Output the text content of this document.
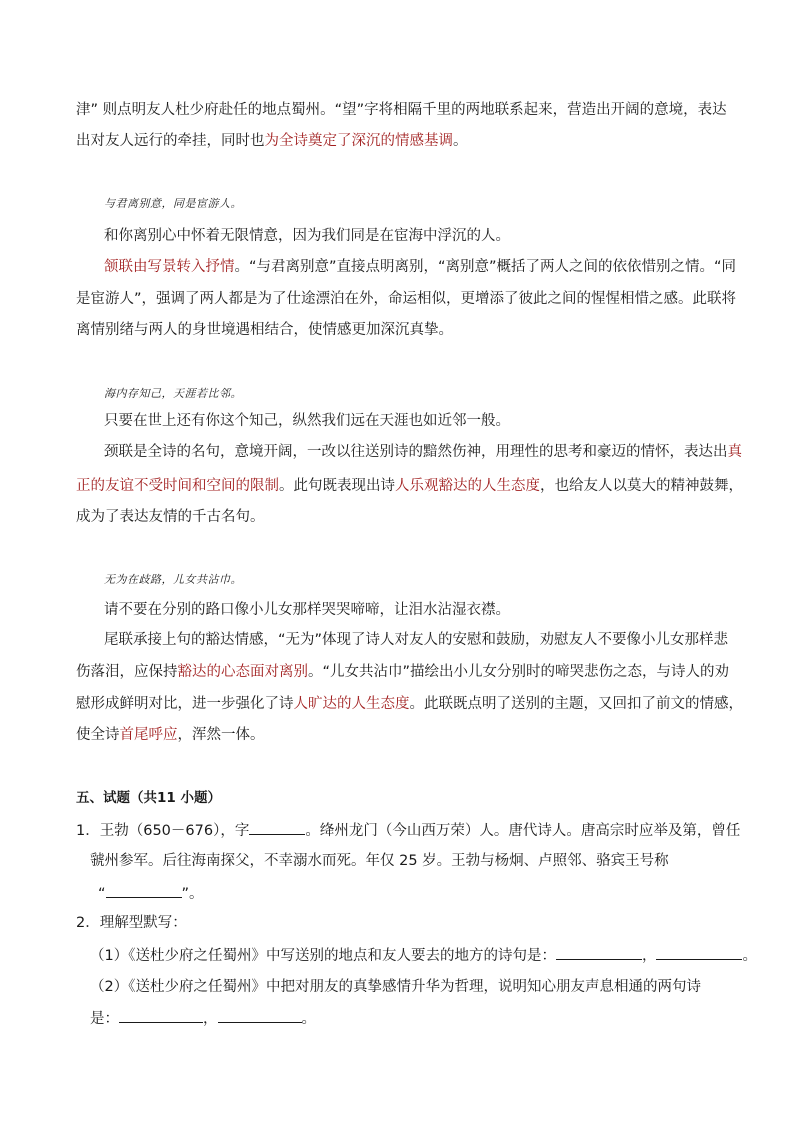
津” 则点明友人杜少府赴任的地点蜀州。“望”字将相隔千里的两地联系起来，营造出开阔的意境，表达
出对友人远行的牵挂，同时也为全诗奠定了深沉的情感基调。
与君离别意，同是宦游人。
和你离别心中怀着无限情意，因为我们同是在宦海中浮沉的人。
颔联由写景转入抒情。“与君离别意”直接点明离别，“离别意”概括了两人之间的依依惜别之情。“同
是宦游人”，强调了两人都是为了仕途漂泊在外，命运相似，更增添了彼此之间的惺惺相惜之感。此联将
离情别绪与两人的身世境遇相结合，使情感更加深沉真挚。
海内存知己，天涯若比邻。
只要在世上还有你这个知己，纵然我们远在天涯也如近邻一般。
颈联是全诗的名句，意境开阔，一改以往送别诗的黯然伤神，用理性的思考和豪迈的情怀，表达出真
正的友谊不受时间和空间的限制。此句既表现出诗人乐观豁达的人生态度，也给友人以莫大的精神鼓舞，
成为了表达友情的千古名句。
无为在歧路，儿女共沾巾。
请不要在分别的路口像小儿女那样哭哭啼啼，让泪水沾湿衣襟。
尾联承接上句的豁达情感，“无为”体现了诗人对友人的安慰和鼓励，劝慰友人不要像小儿女那样悲
伤落泪，应保持豁达的心态面对离别。“儿女共沾巾”描绘出小儿女分别时的啼哭悲伤之态，与诗人的劝
慰形成鲜明对比，进一步强化了诗人旷达的人生态度。此联既点明了送别的主题，又回扣了前文的情感，
使全诗首尾呼应，浑然一体。
五、试题（共11 小题）
1．王勃（650－676），字	。绛州龙门（今山西万荣）人。唐代诗人。唐高宗时应举及第，曾任
虢州参军。后往海南探父，不幸溺水而死。年仅 25 岁。王勃与杨炯、卢照邻、骆宾王号称
“	”。
2．理解型默写：
（1）《送杜少府之任蜀州》中写送别的地点和友人要去的地方的诗句是：	，	。
（2）《送杜少府之任蜀州》中把对朋友的真挚感情升华为哲理，说明知心朋友声息相通的两句诗
是：	，	。
